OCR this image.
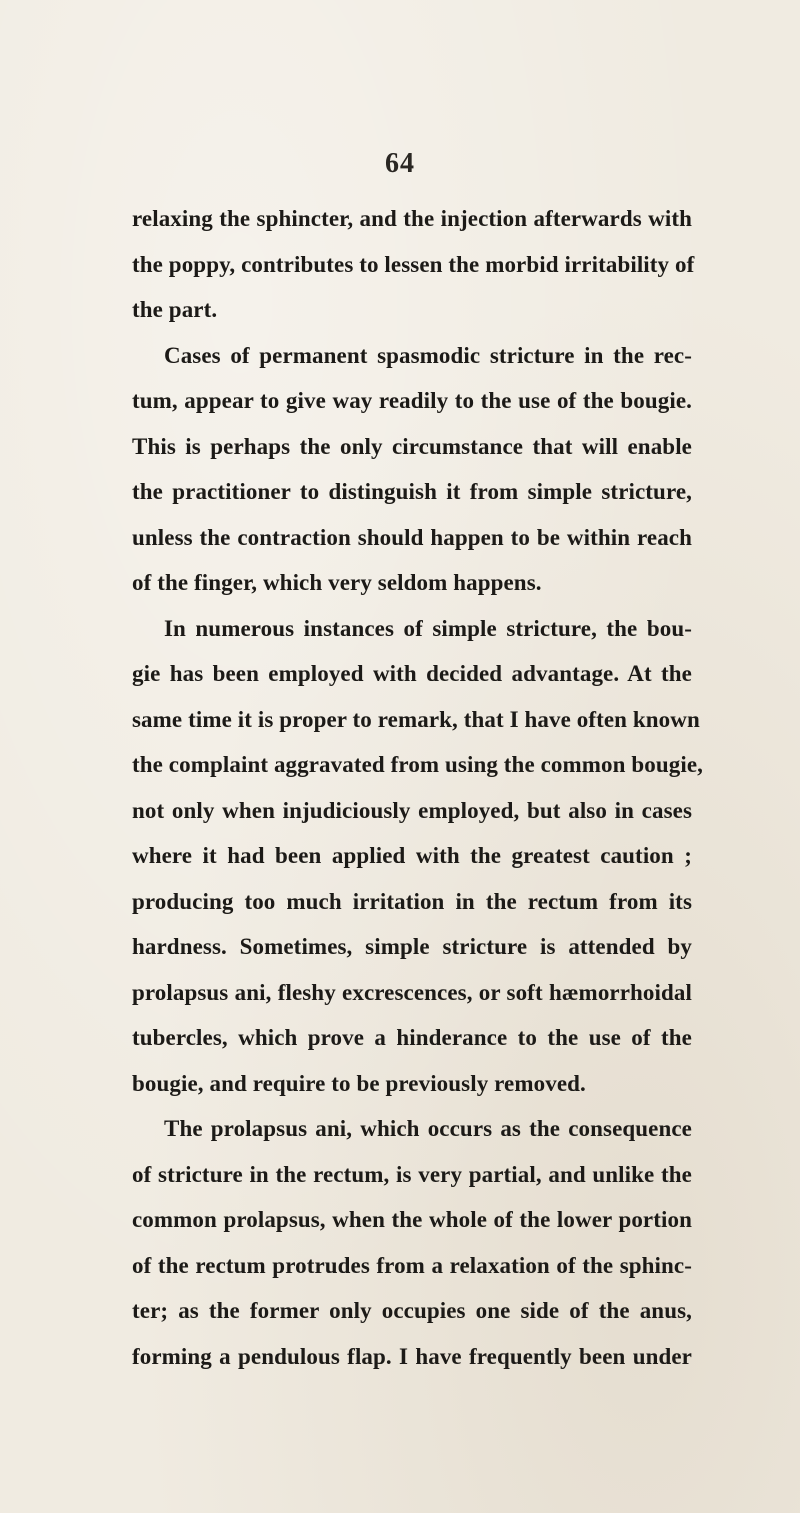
64
relaxing the sphincter, and the injection afterwards with
the poppy, contributes to lessen the morbid irritability of
the part.
Cases of permanent spasmodic stricture in the rec-
tum, appear to give way readily to the use of the bougie.
This is perhaps the only circumstance that will enable
the practitioner to distinguish it from simple stricture,
unless the contraction should happen to be within reach
of the finger, which very seldom happens.
In numerous instances of simple stricture, the bou-
gie has been employed with decided advantage. At the
same time it is proper to remark, that I have often known
the complaint aggravated from using the common bougie,
not only when injudiciously employed, but also in cases
where it had been applied with the greatest caution ;
producing too much irritation in the rectum from its
hardness. Sometimes, simple stricture is attended by
prolapsus ani, fleshy excrescences, or soft hæmorrhoidal
tubercles, which prove a hinderance to the use of the
bougie, and require to be previously removed.
The prolapsus ani, which occurs as the consequence
of stricture in the rectum, is very partial, and unlike the
common prolapsus, when the whole of the lower portion
of the rectum protrudes from a relaxation of the sphinc-
ter; as the former only occupies one side of the anus,
forming a pendulous flap. I have frequently been under
